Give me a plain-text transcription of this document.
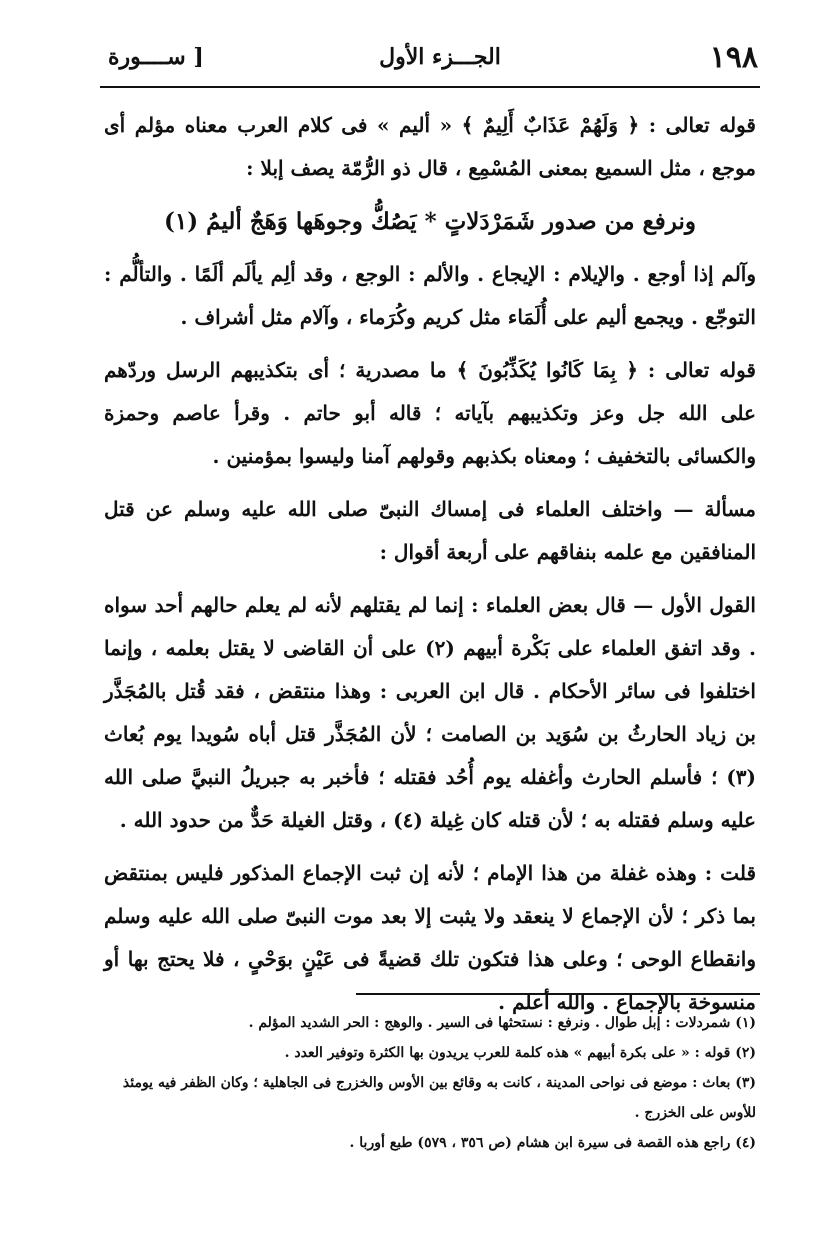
١٩٨
الجـــزء الأول
[ ســــورة

قوله تعالى : ﴿ وَلَهُمْ عَذَابٌ أَلِيمٌ ﴾ « أليم » فى كلام العرب معناه مؤلم أى موجع ، مثل السميع بمعنى المُسْمِع ، قال ذو الرُّمّة يصف إبلا :

ونرفع من صدور شَمَرْدَلاتٍ * يَصُكُّ وجوهَها وَهَجٌ أليمُ (١)

وآلم إذا أوجع . والإيلام : الإيجاع . والألم : الوجع ، وقد ألِم يألَم ألَمًا . والتألُّم : التوجّع . ويجمع أليم على أُلَمَاء مثل كريم وكُرَماء ، وآلام مثل أشراف .

قوله تعالى : ﴿ بِمَا كَانُوا يُكَذِّبُونَ ﴾ ما مصدرية ؛ أى بتكذيبهم الرسل وردّهم على الله جل وعز وتكذيبهم بآياته ؛ قاله أبو حاتم . وقرأ عاصم وحمزة والكسائى بالتخفيف ؛ ومعناه بكذبهم وقولهم آمنا وليسوا بمؤمنين .

مسألة — واختلف العلماء فى إمساك النبىّ صلى الله عليه وسلم عن قتل المنافقين مع علمه بنفاقهم على أربعة أقوال :

القول الأول — قال بعض العلماء : إنما لم يقتلهم لأنه لم يعلم حالهم أحد سواه . وقد اتفق العلماء على بَكْرة أبيهم (٢) على أن القاضى لا يقتل بعلمه ، وإنما اختلفوا فى سائر الأحكام . قال ابن العربى : وهذا منتقض ، فقد قُتل بالمُجَذَّر بن زياد الحارثُ بن سُوَيد بن الصامت ؛ لأن المُجَذَّر قتل أباه سُويدا يوم بُعاث (٣) ؛ فأسلم الحارث وأغفله يوم أُحُد فقتله ؛ فأخبر به جبريلُ النبيَّ صلى الله عليه وسلم فقتله به ؛ لأن قتله كان غِيلة (٤) ، وقتل الغيلة حَدٌّ من حدود الله .

قلت : وهذه غفلة من هذا الإمام ؛ لأنه إن ثبت الإجماع المذكور فليس بمنتقض بما ذكر ؛ لأن الإجماع لا ينعقد ولا يثبت إلا بعد موت النبىّ صلى الله عليه وسلم وانقطاع الوحى ؛ وعلى هذا فتكون تلك قضيةً فى عَيْنٍ بوَحْىٍ ، فلا يحتج بها أو منسوخة بالإجماع . والله أعلم .

(١) شمردلات : إبل طوال . ونرفع : نستحثها فى السير . والوهج : الحر الشديد المؤلم .

(٢) قوله : « على بكرة أبيهم » هذه كلمة للعرب يريدون بها الكثرة وتوفير العدد .

(٣) بعاث : موضع فى نواحى المدينة ، كانت به وقائع بين الأوس والخزرج فى الجاهلية ؛ وكان الظفر فيه يومئذ للأوس على الخزرج .

(٤) راجع هذه القصة فى سيرة ابن هشام (ص ٣٥٦ ، ٥٧٩) طبع أوربا .
